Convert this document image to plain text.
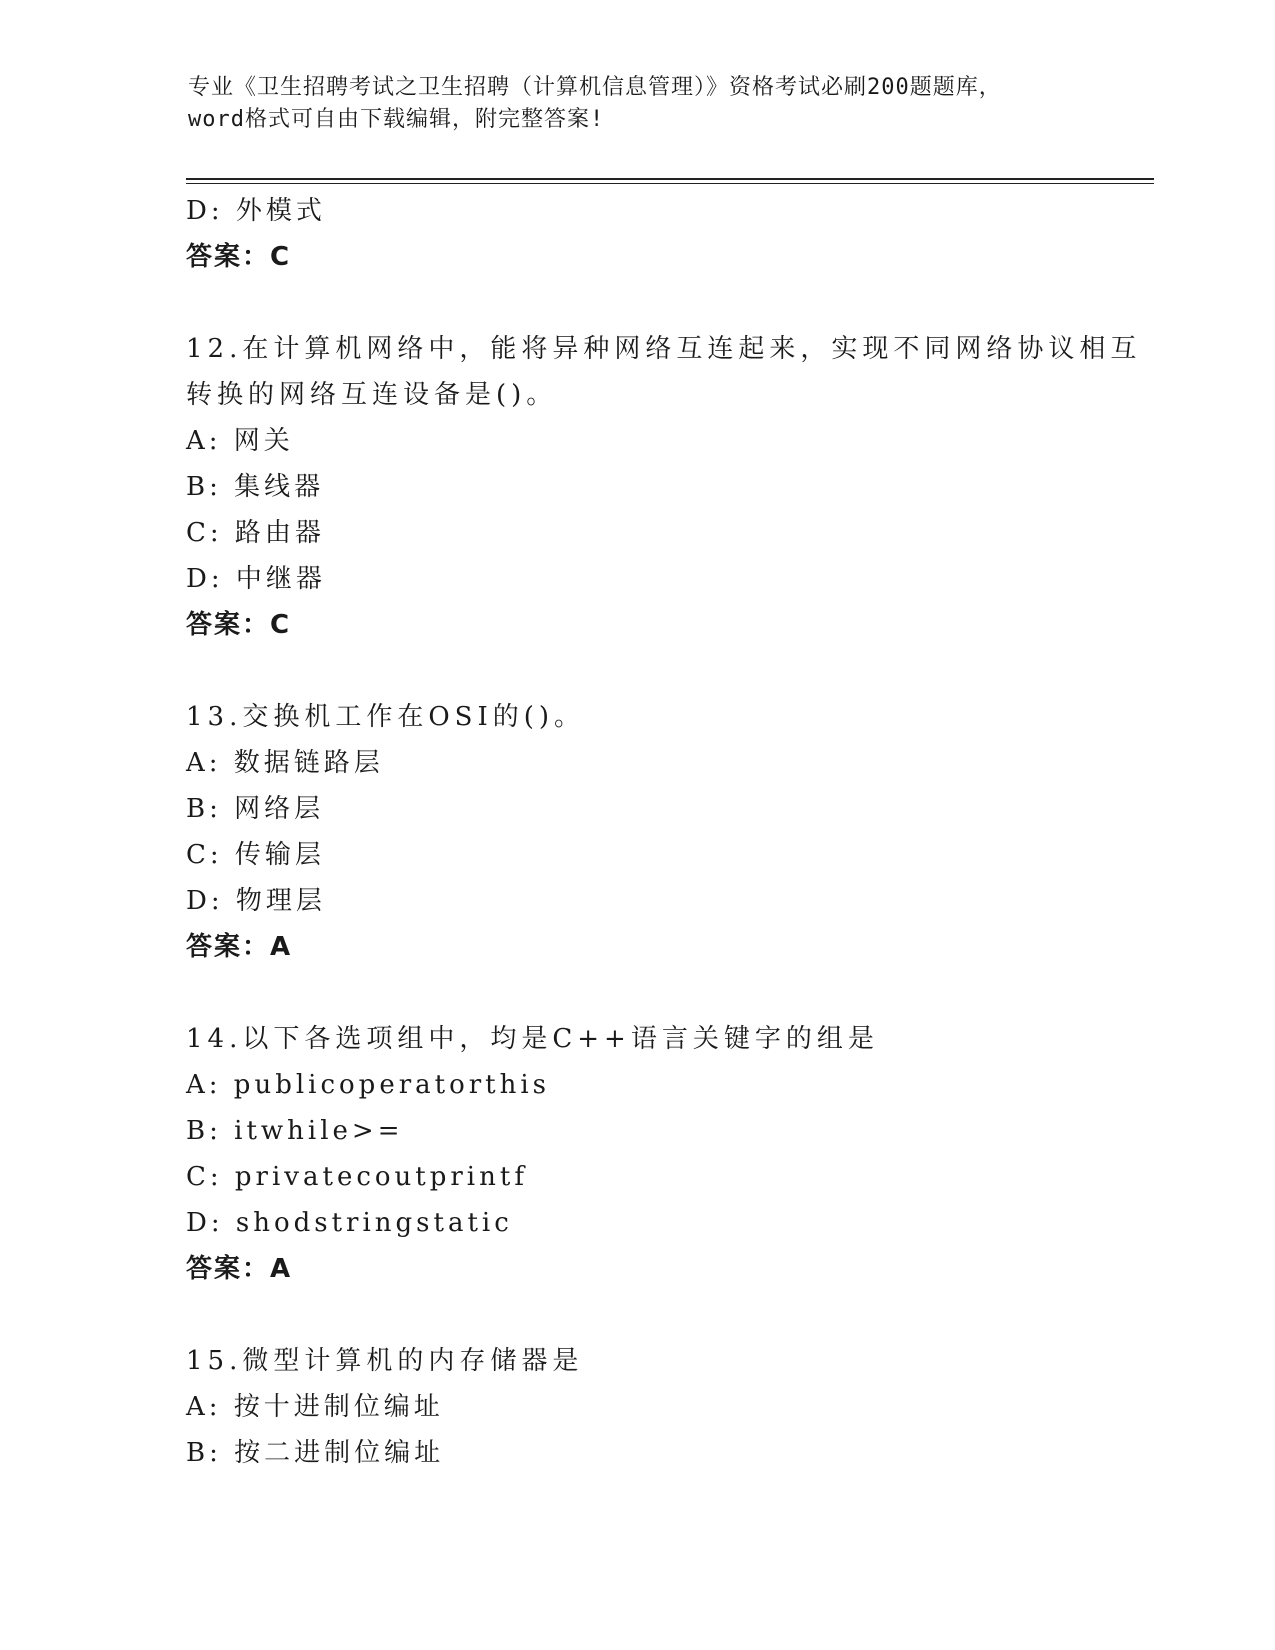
专业《卫生招聘考试之卫生招聘（计算机信息管理）》资格考试必刷200题题库，
word格式可自由下载编辑，附完整答案!
D: 外模式
答案：C
12.在计算机网络中，能将异种网络互连起来，实现不同网络协议相互
转换的网络互连设备是()。
A: 网关
B: 集线器
C: 路由器
D: 中继器
答案：C
13.交换机工作在OSI的()。
A: 数据链路层
B: 网络层
C: 传输层
D: 物理层
答案：A
14.以下各选项组中，均是C++语言关键字的组是
A: publicoperatorthis
B: itwhile>=
C: privatecoutprintf
D: shodstringstatic
答案：A
15.微型计算机的内存储器是
A: 按十进制位编址
B: 按二进制位编址
